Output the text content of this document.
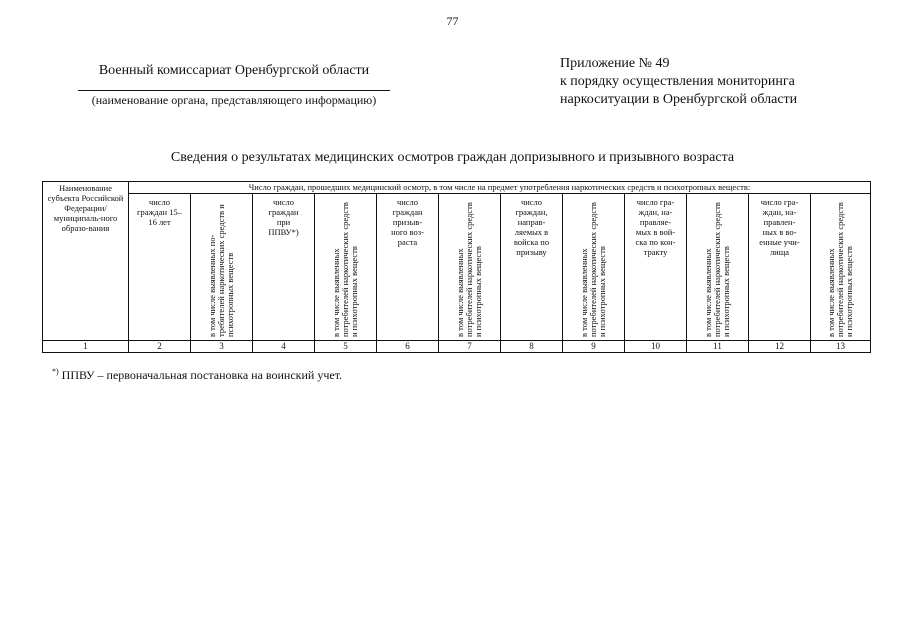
77
Военный комиссариат Оренбургской области
(наименование органа, представляющего информацию)
Приложение № 49
к порядку осуществления мониторинга
наркоситуации в Оренбургской области
Сведения о результатах медицинских осмотров граждан допризывного и призывного возраста
Наименование субъекта Российской Федерации/ муниципаль-ного образо-вания	Число граждан, прошедших медицинский осмотр, в том числе на предмет употребления наркотических средств и психотропных веществ:											

	число граждан 15–16 лет	в том числе выявленных по-требителей наркотических средств и психотропных веществ	число граждан при ППВУ*)	в том числе выявленных потребителей наркотических средств и психотропных веществ	число граждан призыв-ного воз-раста	в том числе выявленных потребителей наркотических средств и психотропных веществ	число граждан, направ-ляемых в войска по призыву	в том числе выявленных потребителей наркотических средств и психотропных веществ	число гра-ждан, на-правляе-мых в вой-ска по кон-тракту	в том числе выявленных потребителей наркотических средств и психотропных веществ	число гра-ждан, на-правлен-ных в во-енные учи-лища	в том числе выявленных потребителей наркотических средств и психотропных веществ

1	2	3	4	5	6	7	8	9	10	11	12	13
*) ППВУ – первоначальная постановка на воинский учет.
